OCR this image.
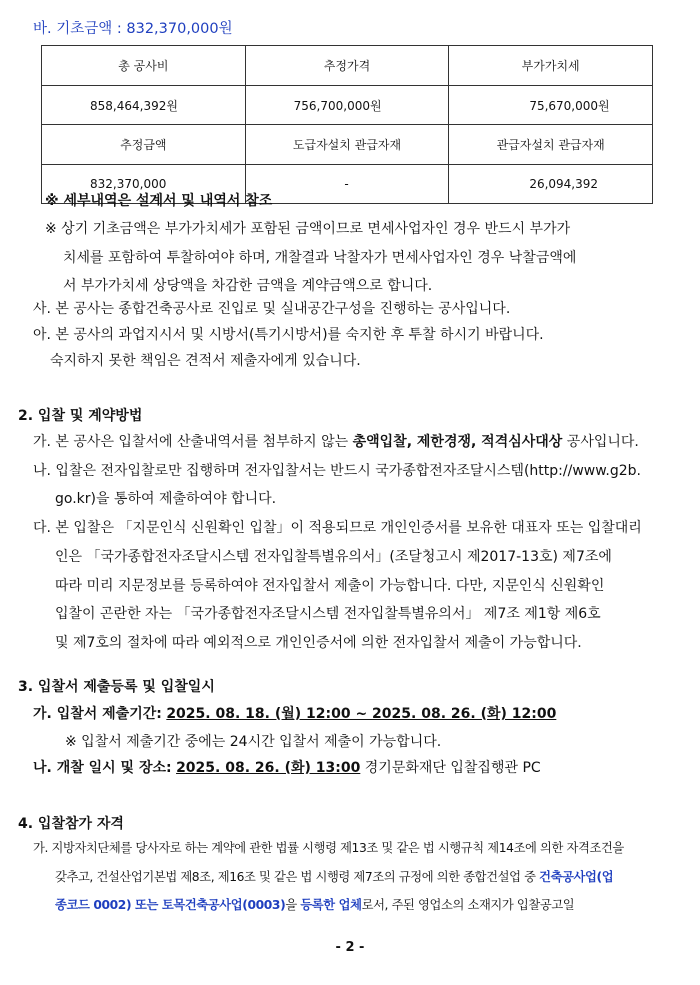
바. 기초금액 : 832,370,000원
총 공사비	추정가격	부가가치세
858,464,392원	756,700,000원	75,670,000원
추정금액	도급자설치 관급자재	관급자설치 관급자재
832,370,000	-	26,094,392
※ 세부내역은 설계서 및 내역서 참조
※ 상기 기초금액은 부가가치세가 포함된 금액이므로 면세사업자인 경우 반드시 부가가
치세를 포함하여 투찰하여야 하며, 개찰결과 낙찰자가 면세사업자인 경우 낙찰금액에
서 부가가치세 상당액을 차감한 금액을 계약금액으로 합니다.
사. 본 공사는 종합건축공사로 진입로 및 실내공간구성을 진행하는 공사입니다.
아. 본 공사의 과업지시서 및 시방서(특기시방서)를 숙지한 후 투찰 하시기 바랍니다.
숙지하지 못한 책임은 견적서 제출자에게 있습니다.
2. 입찰 및 계약방법
가. 본 공사은 입찰서에 산출내역서를 첨부하지 않는 총액입찰, 제한경쟁, 적격심사대상 공사입니다.
나. 입찰은 전자입찰로만 집행하며 전자입찰서는 반드시 국가종합전자조달시스템(http://www.g2b.
go.kr)을 통하여 제출하여야 합니다.
다. 본 입찰은 「지문인식 신원확인 입찰」이 적용되므로 개인인증서를 보유한 대표자 또는 입찰대리
인은 「국가종합전자조달시스템 전자입찰특별유의서」(조달청고시 제2017-13호) 제7조에
따라 미리 지문정보를 등록하여야 전자입찰서 제출이 가능합니다. 다만, 지문인식 신원확인
입찰이 곤란한 자는 「국가종합전자조달시스템 전자입찰특별유의서」 제7조 제1항 제6호
및 제7호의 절차에 따라 예외적으로 개인인증서에 의한 전자입찰서 제출이 가능합니다.
3. 입찰서 제출등록 및 입찰일시
가. 입찰서 제출기간: 2025. 08. 18. (월) 12:00 ~ 2025. 08. 26. (화) 12:00
※ 입찰서 제출기간 중에는 24시간 입찰서 제출이 가능합니다.
나. 개찰 일시 및 장소: 2025. 08. 26. (화) 13:00 경기문화재단 입찰집행관 PC
4. 입찰참가 자격
가. 지방자치단체를 당사자로 하는 계약에 관한 법률 시행령 제13조 및 같은 법 시행규칙 제14조에 의한 자격조건을
갖추고, 건설산업기본법 제8조, 제16조 및 같은 법 시행령 제7조의 규정에 의한 종합건설업 중 건축공사업(업
종코드 0002) 또는 토목건축공사업(0003)을 등록한 업체로서, 주된 영업소의 소재지가 입찰공고일
- 2 -
